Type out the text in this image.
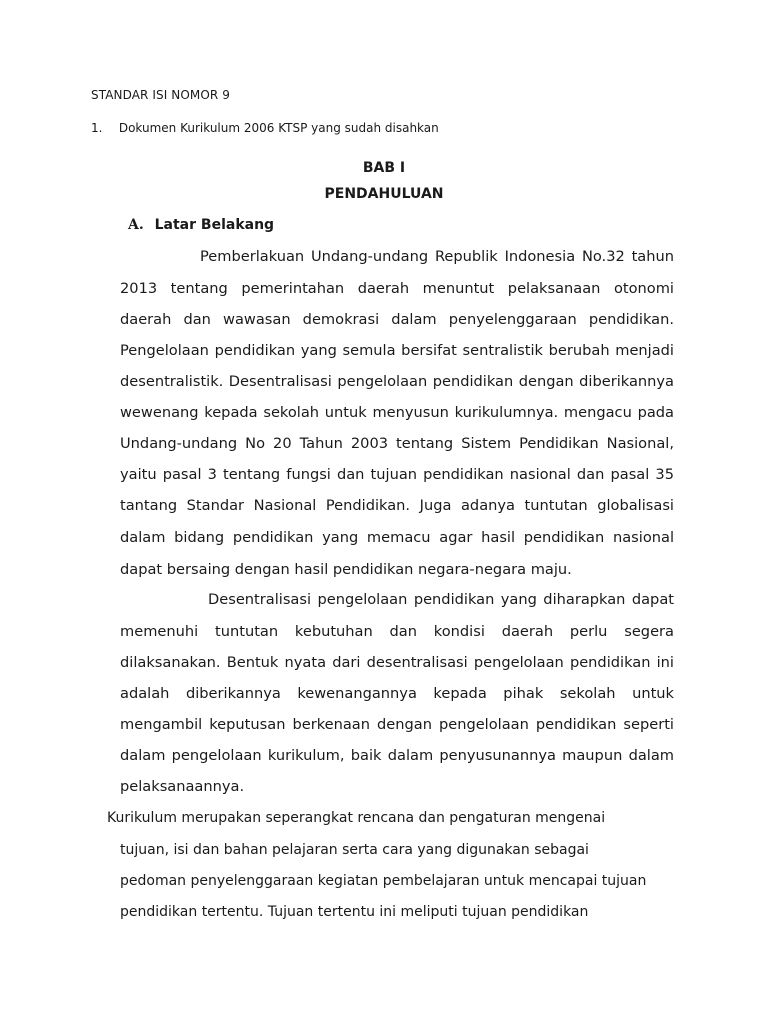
STANDAR ISI NOMOR 9
1. Dokumen Kurikulum 2006 KTSP yang sudah disahkan
BAB I
PENDAHULUAN
A. Latar Belakang
Pemberlakuan Undang-undang Republik Indonesia No.32 tahun
2013 tentang pemerintahan daerah menuntut pelaksanaan otonomi
daerah dan wawasan demokrasi dalam penyelenggaraan pendidikan.
Pengelolaan pendidikan yang semula bersifat sentralistik berubah menjadi
desentralistik. Desentralisasi pengelolaan pendidikan dengan diberikannya
wewenang kepada sekolah untuk menyusun kurikulumnya. mengacu pada
Undang-undang No 20 Tahun 2003 tentang Sistem Pendidikan Nasional,
yaitu pasal 3 tentang fungsi dan tujuan pendidikan nasional dan pasal 35
tantang Standar Nasional Pendidikan. Juga adanya tuntutan globalisasi
dalam bidang pendidikan yang memacu agar hasil pendidikan nasional
dapat bersaing dengan hasil pendidikan negara-negara maju.
Desentralisasi pengelolaan pendidikan yang diharapkan dapat
memenuhi tuntutan kebutuhan dan kondisi daerah perlu segera
dilaksanakan. Bentuk nyata dari desentralisasi pengelolaan pendidikan ini
adalah diberikannya kewenangannya kepada pihak sekolah untuk
mengambil keputusan berkenaan dengan pengelolaan pendidikan seperti
dalam pengelolaan kurikulum, baik dalam penyusunannya maupun dalam
pelaksanaannya.
Kurikulum merupakan seperangkat rencana dan pengaturan mengenai
tujuan, isi dan bahan pelajaran serta cara yang digunakan sebagai
pedoman penyelenggaraan kegiatan pembelajaran untuk mencapai tujuan
pendidikan tertentu. Tujuan tertentu ini meliputi tujuan pendidikan
